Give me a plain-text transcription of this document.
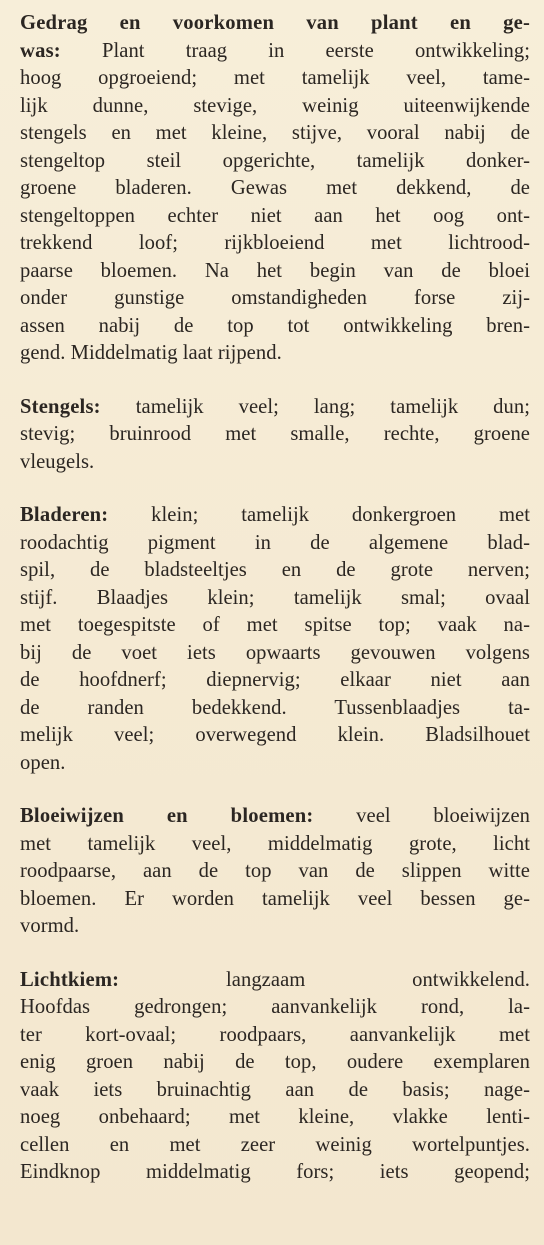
Gedrag en voorkomen van plant en ge-
was: Plant traag in eerste ontwikkeling;
hoog opgroeiend; met tamelijk veel, tame-
lijk dunne, stevige, weinig uiteenwijkende
stengels en met kleine, stijve, vooral nabij de
stengeltop steil opgerichte, tamelijk donker-
groene bladeren. Gewas met dekkend, de
stengeltoppen echter niet aan het oog ont-
trekkend loof; rijkbloeiend met lichtrood-
paarse bloemen. Na het begin van de bloei
onder gunstige omstandigheden forse zij-
assen nabij de top tot ontwikkeling bren-
gend. Middelmatig laat rijpend.

Stengels: tamelijk veel; lang; tamelijk dun;
stevig; bruinrood met smalle, rechte, groene
vleugels.

Bladeren: klein; tamelijk donkergroen met
roodachtig pigment in de algemene blad-
spil, de bladsteeltjes en de grote nerven;
stijf. Blaadjes klein; tamelijk smal; ovaal
met toegespitste of met spitse top; vaak na-
bij de voet iets opwaarts gevouwen volgens
de hoofdnerf; diepnervig; elkaar niet aan
de randen bedekkend. Tussenblaadjes ta-
melijk veel; overwegend klein. Bladsilhouet
open.

Bloeiwijzen en bloemen: veel bloeiwijzen
met tamelijk veel, middelmatig grote, licht
roodpaarse, aan de top van de slippen witte
bloemen. Er worden tamelijk veel bessen ge-
vormd.

Lichtkiem: langzaam ontwikkelend.
Hoofdas gedrongen; aanvankelijk rond, la-
ter kort-ovaal; roodpaars, aanvankelijk met
enig groen nabij de top, oudere exemplaren
vaak iets bruinachtig aan de basis; nage-
noeg onbehaard; met kleine, vlakke lenti-
cellen en met zeer weinig wortelpuntjes.
Eindknop middelmatig fors; iets geopend;
